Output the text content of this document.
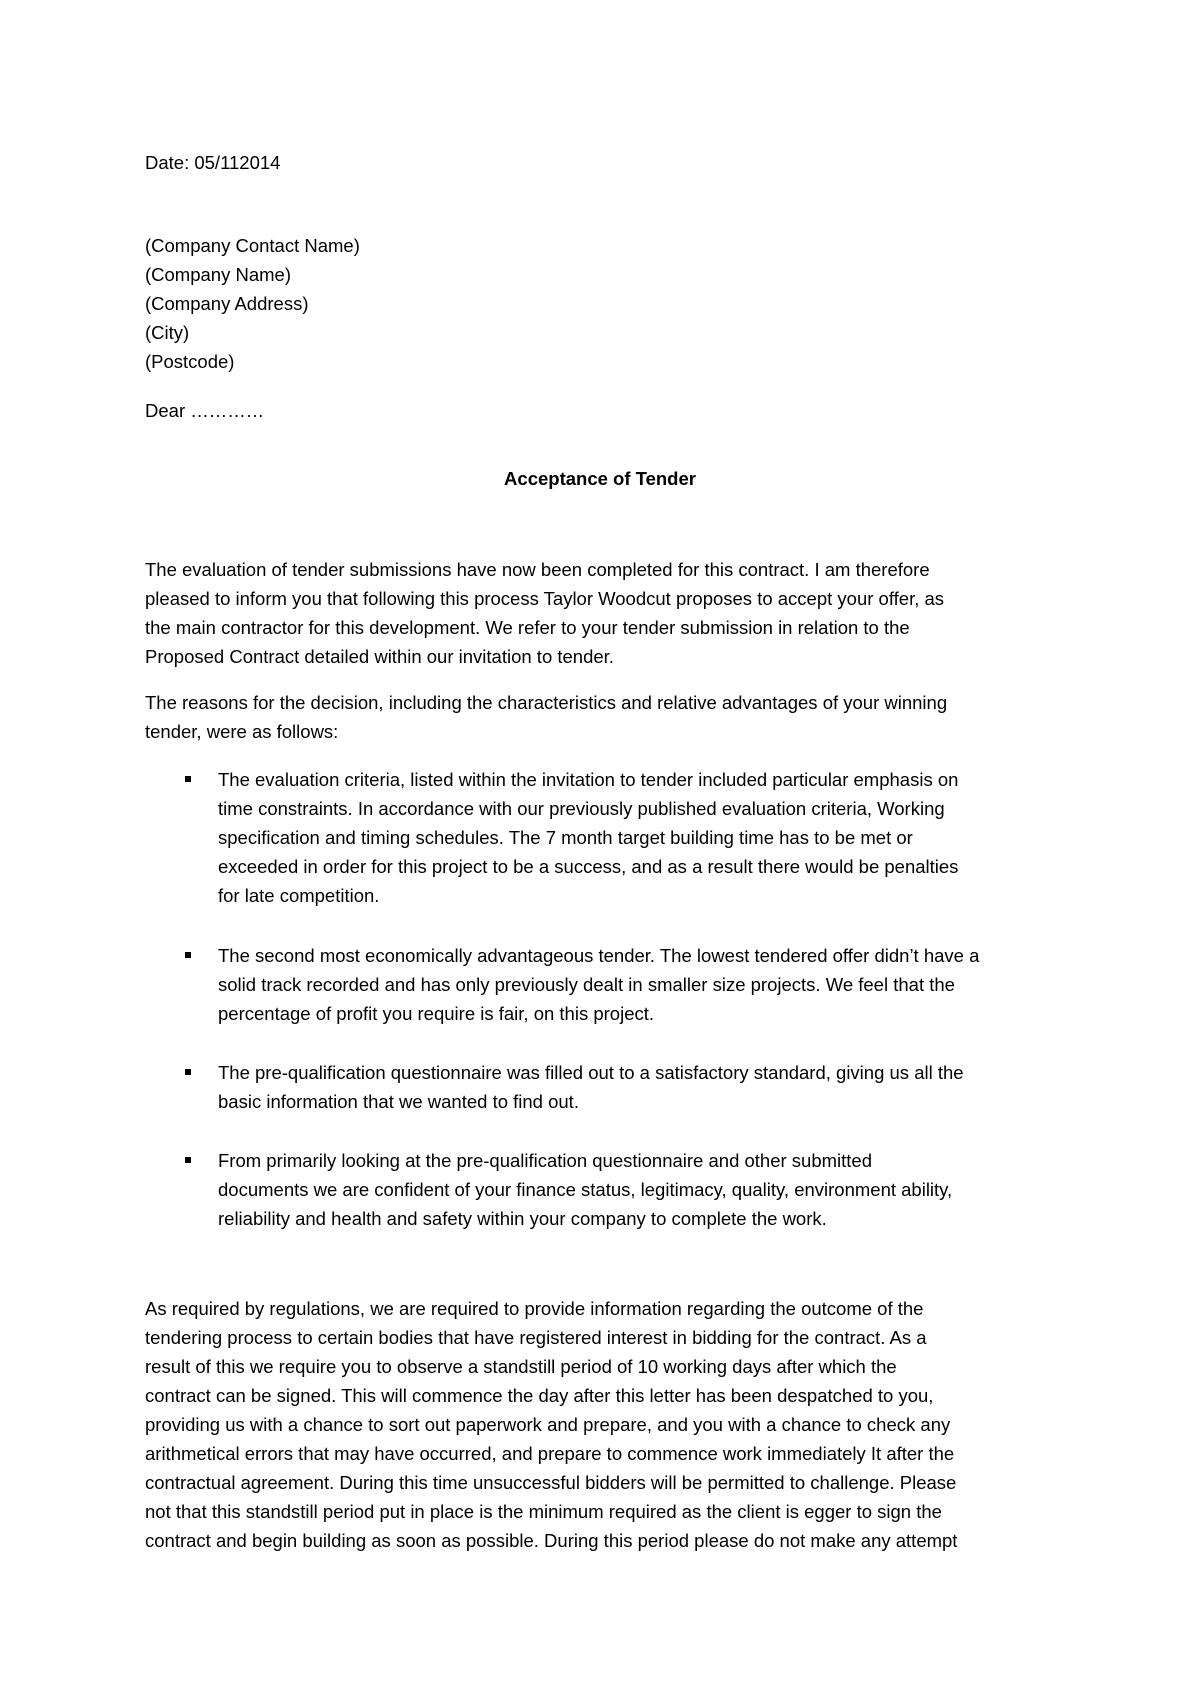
Date: 05/112014

(Company Contact Name)

(Company Name)

(Company Address)

(City)

(Postcode)

Dear …………
Acceptance of Tender

The evaluation of tender submissions have now been completed for this contract. I am therefore

pleased to inform you that following this process Taylor Woodcut proposes to accept your offer, as

the main contractor for this development. We refer to your tender submission in relation to the

Proposed Contract detailed within our invitation to tender.

The reasons for the decision, including the characteristics and relative advantages of your winning

tender, were as follows:

The evaluation criteria, listed within the invitation to tender included particular emphasis on
time constraints. In accordance with our previously published evaluation criteria, Working
specification and timing schedules. The 7 month target building time has to be met or
exceeded in order for this project to be a success, and as a result there would be penalties
for late competition.
The second most economically advantageous tender. The lowest tendered offer didn’t have a
solid track recorded and has only previously dealt in smaller size projects. We feel that the
percentage of profit you require is fair, on this project.
The pre-qualification questionnaire was filled out to a satisfactory standard, giving us all the
basic information that we wanted to find out.
From primarily looking at the pre-qualification questionnaire and other submitted
documents we are confident of your finance status, legitimacy, quality, environment ability,
reliability and health and safety within your company to complete the work.

As required by regulations, we are required to provide information regarding the outcome of the

tendering process to certain bodies that have registered interest in bidding for the contract. As a

result of this we require you to observe a standstill period of 10 working days after which the

contract can be signed. This will commence the day after this letter has been despatched to you,

providing us with a chance to sort out paperwork and prepare, and you with a chance to check any

arithmetical errors that may have occurred, and prepare to commence work immediately It after the

contractual agreement. During this time unsuccessful bidders will be permitted to challenge. Please

not that this standstill period put in place is the minimum required as the client is egger to sign the

contract and begin building as soon as possible. During this period please do not make any attempt
